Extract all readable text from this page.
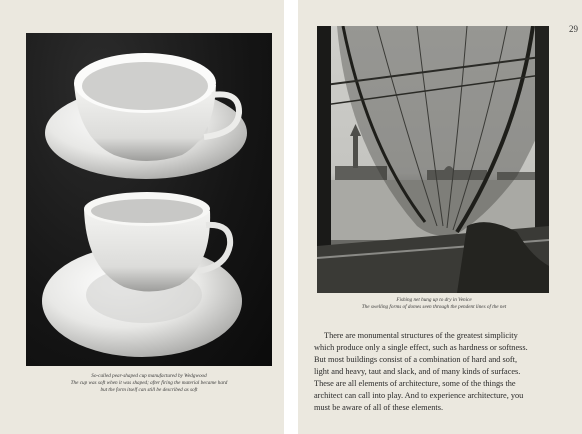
So-called pear-shaped cup manufactured by Wedgwood
The cup was soft when it was shaped; after firing the material became hard
but the form itself can still be described as soft
29
Fishing net hung up to dry in Venice
The swelling forms of domes seen through the pendent lines of the net
There are monumental structures of the greatest simplicity
which produce only a single effect, such as hardness or softness.
But most buildings consist of a combination of hard and soft,
light and heavy, taut and slack, and of many kinds of surfaces.
These are all elements of architecture, some of the things the
architect can call into play. And to experience architecture, you
must be aware of all of these elements.
